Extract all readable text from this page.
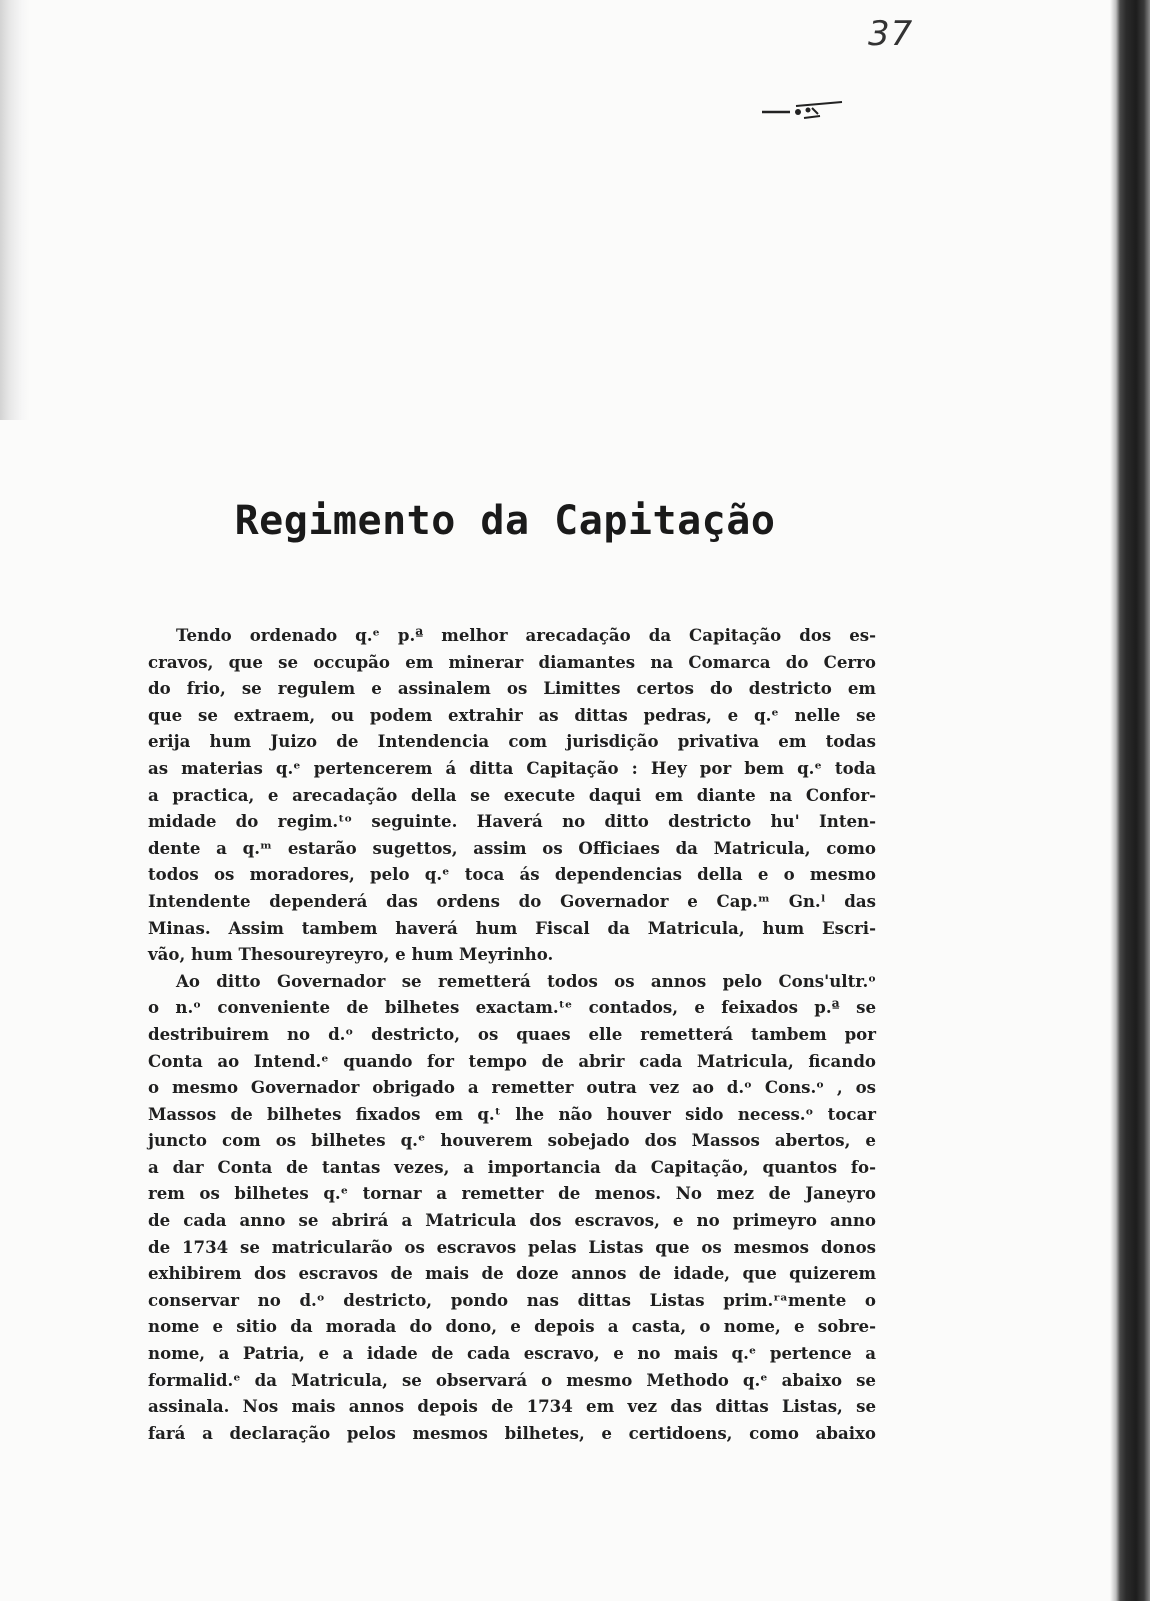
37
Regimento da Capitação
Tendo ordenado q.ᵉ p.ª melhor arecadação da Capitação dos es-
cravos, que se occupão em minerar diamantes na Comarca do Cerro
do frio, se regulem e assinalem os Limittes certos do destricto em
que se extraem, ou podem extrahir as dittas pedras, e q.ᵉ nelle se
erija hum Juizo de Intendencia com jurisdição privativa em todas
as materias q.ᵉ pertencerem á ditta Capitação : Hey por bem q.ᵉ toda
a practica, e arecadação della se execute daqui em diante na Confor-
midade do regim.ᵗᵒ seguinte. Haverá no ditto destricto hu' Inten-
dente a q.ᵐ estarão sugettos, assim os Officiaes da Matricula, como
todos os moradores, pelo q.ᵉ toca ás dependencias della e o mesmo
Intendente dependerá das ordens do Governador e Cap.ᵐ Gn.ˡ das
Minas. Assim tambem haverá hum Fiscal da Matricula, hum Escri-
vão, hum Thesoureyreyro, e hum Meyrinho.
Ao ditto Governador se remetterá todos os annos pelo Cons'ultr.ᵒ
o n.ᵒ conveniente de bilhetes exactam.ᵗᵉ contados, e feixados p.ª se
destribuirem no d.ᵒ destricto, os quaes elle remetterá tambem por
Conta ao Intend.ᵉ quando for tempo de abrir cada Matricula, ficando
o mesmo Governador obrigado a remetter outra vez ao d.ᵒ Cons.ᵒ , os
Massos de bilhetes fixados em q.ᵗ lhe não houver sido necess.ᵒ tocar
juncto com os bilhetes q.ᵉ houverem sobejado dos Massos abertos, e
a dar Conta de tantas vezes, a importancia da Capitação, quantos fo-
rem os bilhetes q.ᵉ tornar a remetter de menos. No mez de Janeyro
de cada anno se abrirá a Matricula dos escravos, e no primeyro anno
de 1734 se matricularão os escravos pelas Listas que os mesmos donos
exhibirem dos escravos de mais de doze annos de idade, que quizerem
conservar no d.ᵒ destricto, pondo nas dittas Listas prim.ʳᵃmente o
nome e sitio da morada do dono, e depois a casta, o nome, e sobre-
nome, a Patria, e a idade de cada escravo, e no mais q.ᵉ pertence a
formalid.ᵉ da Matricula, se observará o mesmo Methodo q.ᵉ abaixo se
assinala. Nos mais annos depois de 1734 em vez das dittas Listas, se
fará a declaração pelos mesmos bilhetes, e certidoens, como abaixo
